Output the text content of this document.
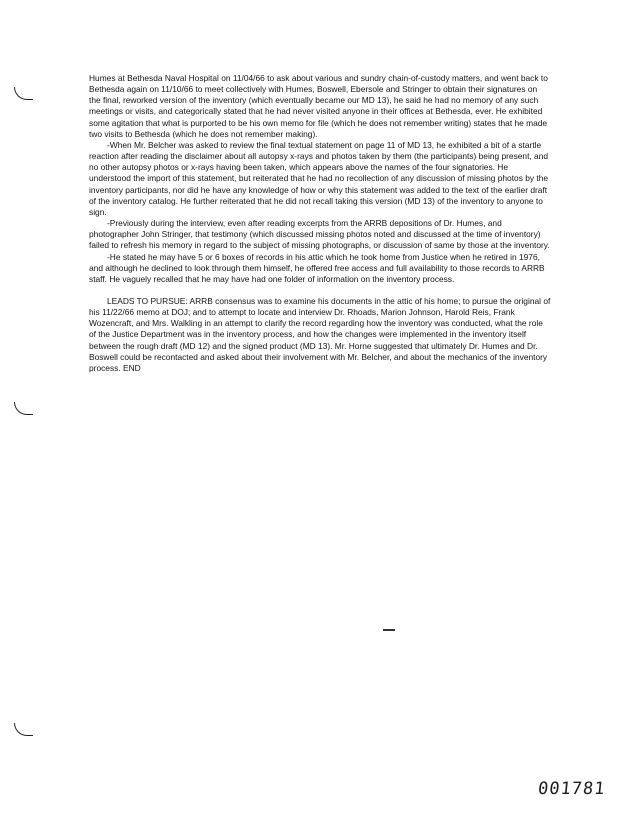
Humes at Bethesda Naval Hospital on 11/04/66 to ask about various and sundry chain-of-custody matters, and went back to Bethesda again on 11/10/66 to meet collectively with Humes, Boswell, Ebersole and Stringer to obtain their signatures on the final, reworked version of the inventory (which eventually became our MD 13), he said he had no memory of any such meetings or visits, and categorically stated that he had never visited anyone in their offices at Bethesda, ever. He exhibited some agitation that what is purported to be his own memo for file (which he does not remember writing) states that he made two visits to Bethesda (which he does not remember making).

-When Mr. Belcher was asked to review the final textual statement on page 11 of MD 13, he exhibited a bit of a startle reaction after reading the disclaimer about all autopsy x-rays and photos taken by them (the participants) being present, and no other autopsy photos or x-rays having been taken, which appears above the names of the four signatories. He understood the import of this statement, but reiterated that he had no recollection of any discussion of missing photos by the inventory participants, nor did he have any knowledge of how or why this statement was added to the text of the earlier draft of the inventory catalog. He further reiterated that he did not recall taking this version (MD 13) of the inventory to anyone to sign.

-Previously during the interview, even after reading excerpts from the ARRB depositions of Dr. Humes, and photographer John Stringer, that testimony (which discussed missing photos noted and discussed at the time of inventory) failed to refresh his memory in regard to the subject of missing photographs, or discussion of same by those at the inventory.

-He stated he may have 5 or 6 boxes of records in his attic which he took home from Justice when he retired in 1976, and although he declined to look through them himself, he offered free access and full availability to those records to ARRB staff. He vaguely recalled that he may have had one folder of information on the inventory process.

LEADS TO PURSUE: ARRB consensus was to examine his documents in the attic of his home; to pursue the original of his 11/22/66 memo at DOJ; and to attempt to locate and interview Dr. Rhoads, Marion Johnson, Harold Reis, Frank Wozencraft, and Mrs. Walkling in an attempt to clarify the record regarding how the inventory was conducted, what the role of the Justice Department was in the inventory process, and how the changes were implemented in the inventory itself between the rough draft (MD 12) and the signed product (MD 13). Mr. Horne suggested that ultimately Dr. Humes and Dr. Boswell could be recontacted and asked about their involvement with Mr. Belcher, and about the mechanics of the inventory process. END

001781
